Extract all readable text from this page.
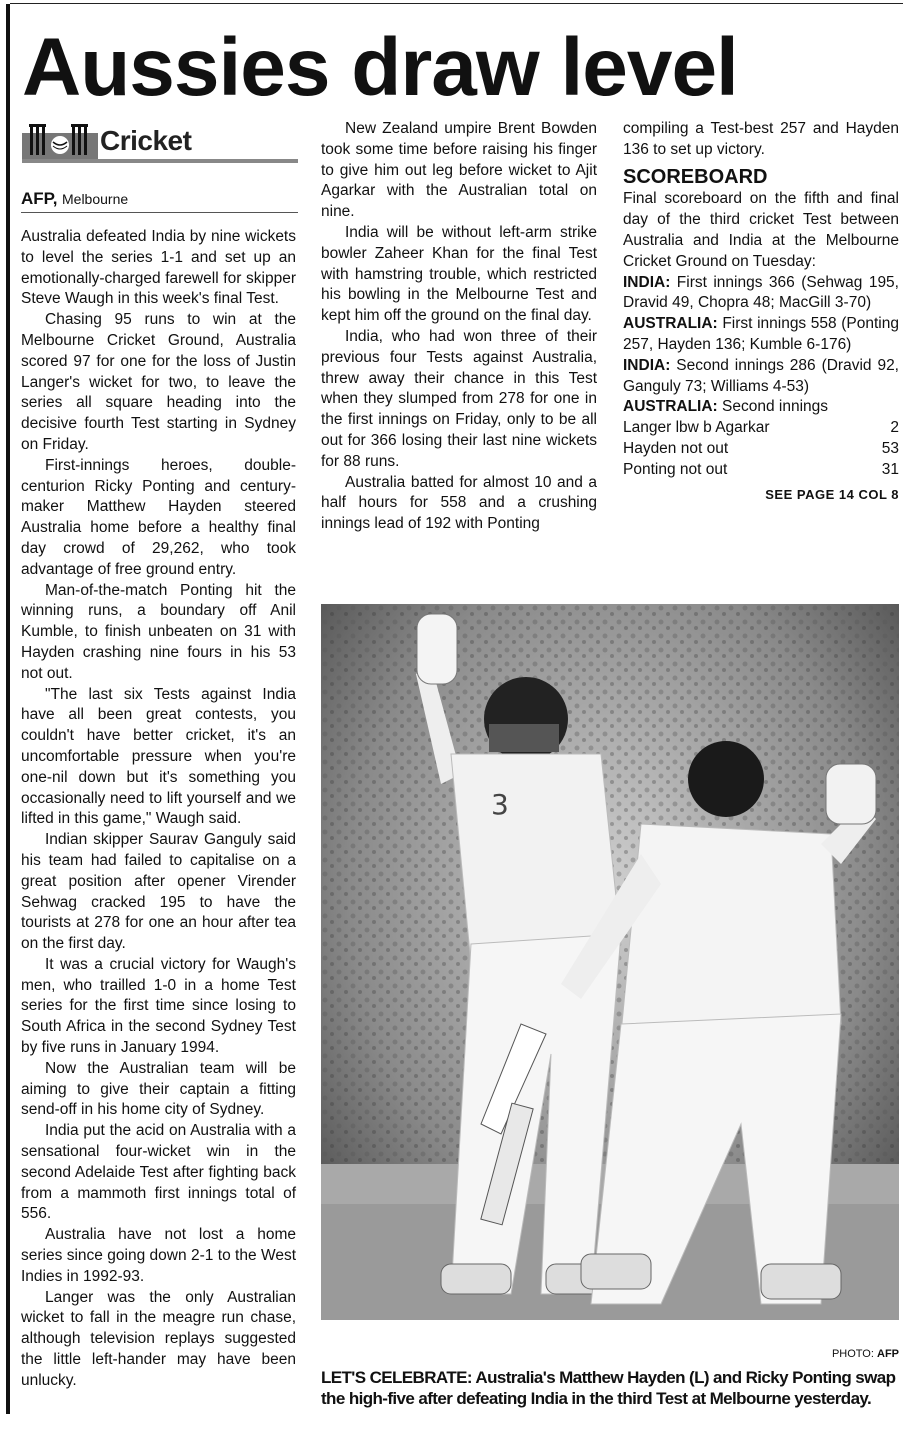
Aussies draw level
Cricket
AFP, Melbourne

Australia defeated India by nine wickets to level the series 1-1 and set up an emotionally-charged farewell for skipper Steve Waugh in this week's final Test.

Chasing 95 runs to win at the Melbourne Cricket Ground, Australia scored 97 for one for the loss of Justin Langer's wicket for two, to leave the series all square heading into the decisive fourth Test starting in Sydney on Friday.

First-innings heroes, double-centurion Ricky Ponting and century-maker Matthew Hayden steered Australia home before a healthy final day crowd of 29,262, who took advantage of free ground entry.

Man-of-the-match Ponting hit the winning runs, a boundary off Anil Kumble, to finish unbeaten on 31 with Hayden crashing nine fours in his 53 not out.

"The last six Tests against India have all been great contests, you couldn't have better cricket, it's an uncomfortable pressure when you're one-nil down but it's something you occasionally need to lift yourself and we lifted in this game," Waugh said.

Indian skipper Saurav Ganguly said his team had failed to capitalise on a great position after opener Virender Sehwag cracked 195 to have the tourists at 278 for one an hour after tea on the first day.

It was a crucial victory for Waugh's men, who trailled 1-0 in a home Test series for the first time since losing to South Africa in the second Sydney Test by five runs in January 1994.

Now the Australian team will be aiming to give their captain a fitting send-off in his home city of Sydney.

India put the acid on Australia with a sensational four-wicket win in the second Adelaide Test after fighting back from a mammoth first innings total of 556.

Australia have not lost a home series since going down 2-1 to the West Indies in 1992-93.

Langer was the only Australian wicket to fall in the meagre run chase, although television replays suggested the little left-hander may have been unlucky.

New Zealand umpire Brent Bowden took some time before raising his finger to give him out leg before wicket to Ajit Agarkar with the Australian total on nine.

India will be without left-arm strike bowler Zaheer Khan for the final Test with hamstring trouble, which restricted his bowling in the Melbourne Test and kept him off the ground on the final day.

India, who had won three of their previous four Tests against Australia, threw away their chance in this Test when they slumped from 278 for one in the first innings on Friday, only to be all out for 366 losing their last nine wickets for 88 runs.

Australia batted for almost 10 and a half hours for 558 and a crushing innings lead of 192 with Ponting

compiling a Test-best 257 and Hayden 136 to set up victory.

SCOREBOARD

Final scoreboard on the fifth and final day of the third cricket Test between Australia and India at the Melbourne Cricket Ground on Tuesday:

INDIA: First innings 366 (Sehwag 195, Dravid 49, Chopra 48; MacGill 3-70)

AUSTRALIA: First innings 558 (Ponting 257, Hayden 136; Kumble 6-176)

INDIA: Second innings 286 (Dravid 92, Ganguly 73; Williams 4-53)

AUSTRALIA: Second innings

Langer lbw b Agarkar	2
Hayden not out	53
Ponting not out	31
SEE PAGE 14 COL 8
3
PHOTO: AFP
LET'S CELEBRATE: Australia's Matthew Hayden (L) and Ricky Ponting swap the high-five after defeating India in the third Test at Melbourne yesterday.
